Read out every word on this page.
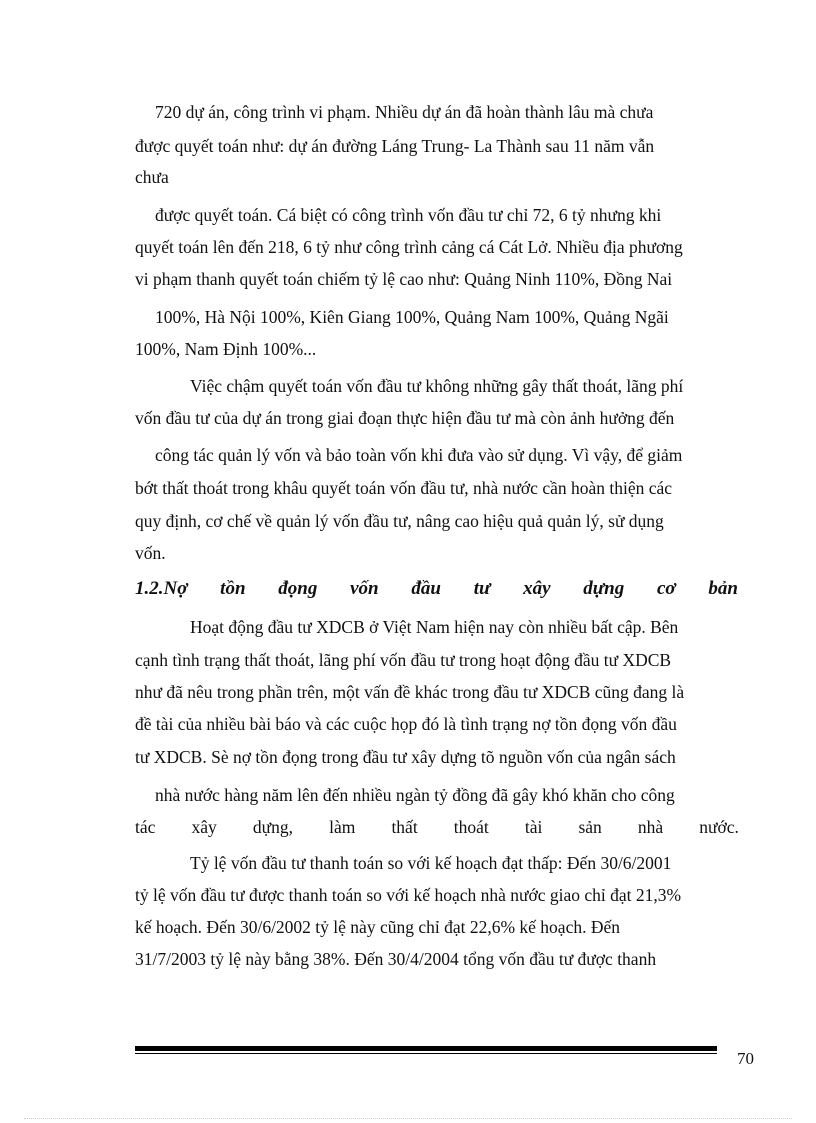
720 dự án, công trình vi phạm. Nhiều dự án đã hoàn thành lâu mà chưa
được quyết toán như: dự án đường Láng Trung- La Thành sau 11 năm vẫn
chưa
được quyết toán. Cá biệt có công trình vốn đầu tư chỉ 72, 6 tỷ nhưng khi
quyết toán lên đến 218, 6 tỷ như công trình cảng cá Cát Lở. Nhiều địa phương
vi phạm thanh quyết toán chiếm tỷ lệ cao như: Quảng Ninh 110%, Đồng Nai
100%, Hà Nội 100%, Kiên Giang 100%, Quảng Nam 100%, Quảng Ngãi
100%, Nam Định 100%...
Việc chậm quyết toán vốn đầu tư không những gây thất thoát, lãng phí
vốn đầu tư của dự án trong giai đoạn thực hiện đầu tư mà còn ảnh hưởng đến
công tác quản lý vốn và bảo toàn vốn khi đưa vào sử dụng. Vì vậy, để giảm
bớt thất thoát trong khâu quyết toán vốn đầu tư, nhà nước cần hoàn thiện các
quy định, cơ chế về quản lý vốn đầu tư, nâng cao hiệu quả quản lý, sử dụng
vốn.
1.2.Nợ tồn đọng vốn đầu tư xây dựng cơ bản
Hoạt động đầu tư XDCB ở Việt Nam hiện nay còn nhiều bất cập. Bên
cạnh tình trạng thất thoát, lãng phí vốn đầu tư trong hoạt động đầu tư XDCB
như đã nêu trong phần trên, một vấn đề khác trong đầu tư XDCB cũng đang là
đề tài của nhiều bài báo và các cuộc họp đó là tình trạng nợ tồn đọng vốn đầu
tư XDCB. Sè nợ tồn đọng trong đầu tư xây dựng tõ nguồn vốn của ngân sách
nhà nước hàng năm lên đến nhiều ngàn tỷ đồng đã gây khó khăn cho công
tác xây dựng, làm thất thoát tài sản nhà nước.
Tỷ lệ vốn đầu tư thanh toán so với kế hoạch đạt thấp: Đến 30/6/2001
tỷ lệ vốn đầu tư được thanh toán so với kế hoạch nhà nước giao chỉ đạt 21,3%
kế hoạch. Đến 30/6/2002 tỷ lệ này cũng chỉ đạt 22,6% kế hoạch. Đến
31/7/2003 tỷ lệ này bằng 38%. Đến 30/4/2004 tổng vốn đầu tư được thanh
70
